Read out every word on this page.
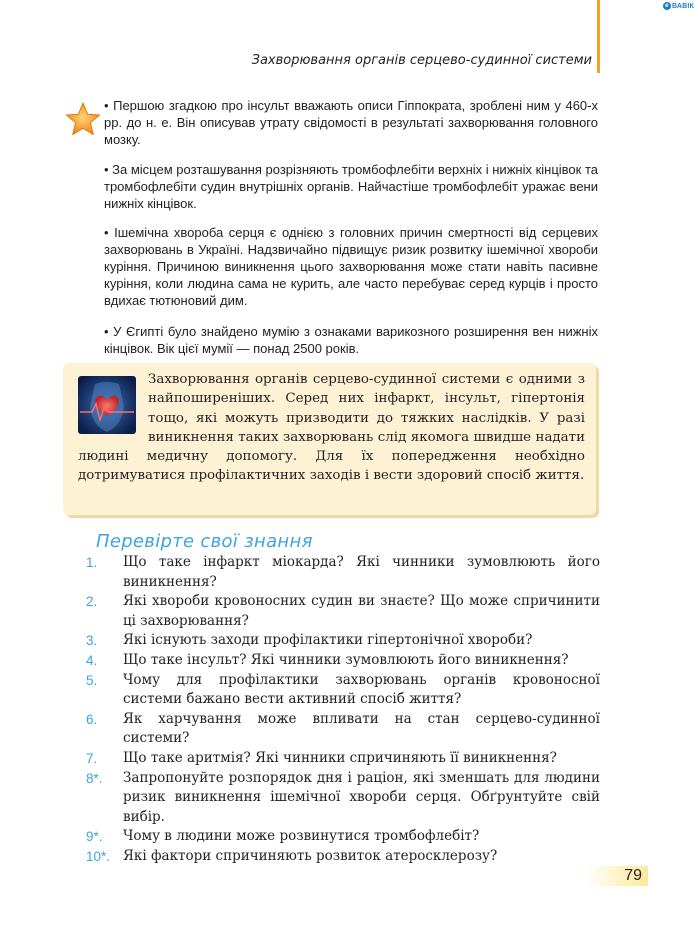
е ВАВІК
Захворювання органів серцево-судинної системи

• Першою згадкою про інсульт вважають описи Гіппократа, зроблені ним у 460-х рр. до н. е. Він описував утрату свідомості в результаті захворювання головного мозку.

• За місцем розташування розрізняють тромбофлебіти верхніх і нижніх кінцівок та тромбофлебіти судин внутрішніх органів. Найчастіше тромбофлебіт уражає вени нижніх кінцівок.

• Ішемічна хвороба серця є однією з головних причин смертності від серцевих захворювань в Україні. Надзвичайно підвищує ризик розвитку ішемічної хвороби куріння. Причиною виникнення цього захворювання може стати навіть пасивне куріння, коли людина сама не курить, але часто перебуває серед курців і просто вдихає тютюновий дим.

• У Єгипті було знайдено мумію з ознаками варикозного розширення вен нижніх кінцівок. Вік цієї мумії — понад 2500 років.

Захворювання органів серцево-судинної системи є одними з найпоширеніших. Серед них інфаркт, інсульт, гіпертонія тощо, які можуть призводити до тяжких наслідків. У разі виникнення таких захворювань слід якомога швидше надати людині медичну допомогу. Для їх попередження необхідно дотримуватися профілактичних заходів і вести здоровий спосіб життя.
Перевірте свої знання
1. Що таке інфаркт міокарда? Які чинники зумовлюють його виникнення?
2. Які хвороби кровоносних судин ви знаєте? Що може спричинити ці захворювання?
3. Які існують заходи профілактики гіпертонічної хвороби?
4. Що таке інсульт? Які чинники зумовлюють його виникнення?
5. Чому для профілактики захворювань органів кровоносної системи бажано вести активний спосіб життя?
6. Як харчування може впливати на стан серцево-судинної системи?
7. Що таке аритмія? Які чинники спричиняють її виникнення?
8*. Запропонуйте розпорядок дня і раціон, які зменшать для людини ризик виникнення ішемічної хвороби серця. Обґрунтуйте свій вибір.
9*. Чому в людини може розвинутися тромбофлебіт?
10*. Які фактори спричиняють розвиток атеросклерозу?
79
